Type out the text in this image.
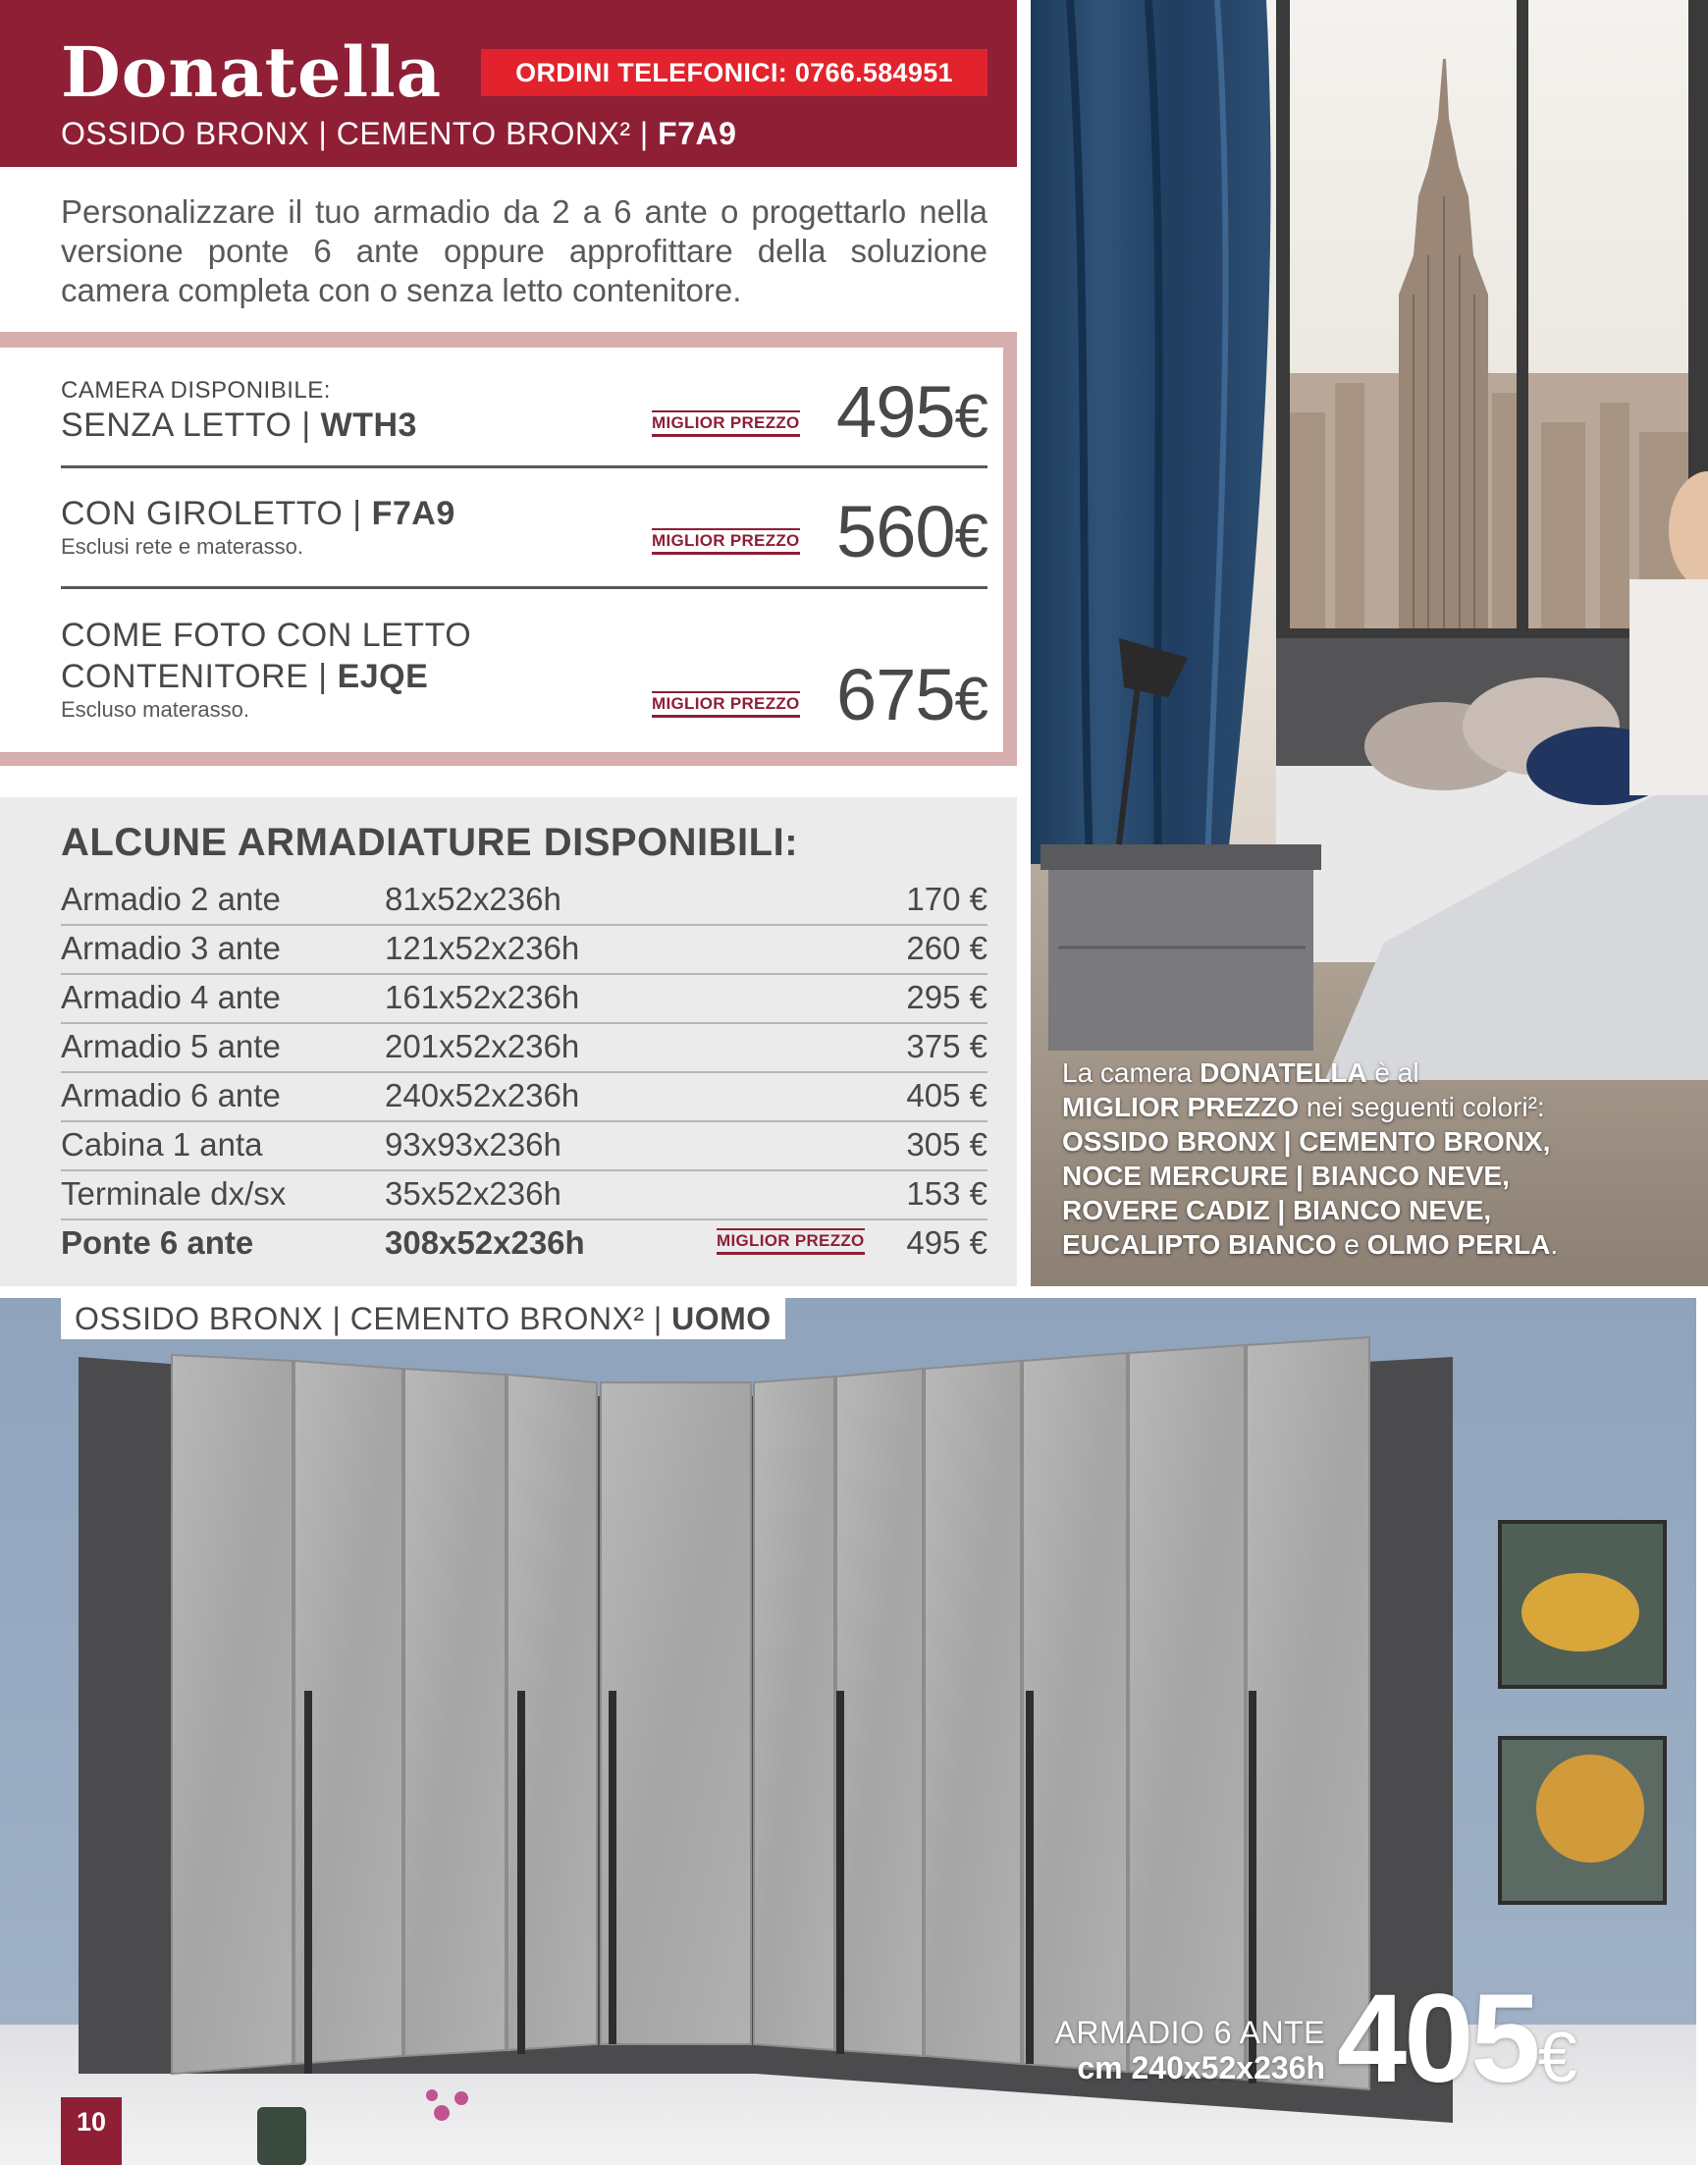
Donatella	ORDINI TELEFONICI: 0766.584951
OSSIDO BRONX | CEMENTO BRONX² | F7A9
Personalizzare il tuo armadio da 2 a 6 ante o progettarlo nella versione ponte 6 ante oppure approfittare della soluzione camera completa con o senza letto contenitore.
CAMERA DISPONIBILE:
SENZA LETTO | WTH3	MIGLIOR PREZZO 495€
CON GIROLETTO | F7A9
Esclusi rete e materasso.	MIGLIOR PREZZO 560€
COME FOTO CON LETTO
CONTENITORE | EJQE
Escluso materasso.	MIGLIOR PREZZO 675€
ALCUNE ARMADIATURE DISPONIBILI:
Armadio 2 ante	81x52x236h	170 €
Armadio 3 ante	121x52x236h	260 €
Armadio 4 ante	161x52x236h	295 €
Armadio 5 ante	201x52x236h	375 €
Armadio 6 ante	240x52x236h	405 €
Cabina 1 anta	93x93x236h	305 €
Terminale dx/sx	35x52x236h	153 €
Ponte 6 ante	308x52x236h	MIGLIOR PREZZO 495 €
La camera DONATELLA è al
MIGLIOR PREZZO nei seguenti colori²:
OSSIDO BRONX | CEMENTO BRONX,
NOCE MERCURE | BIANCO NEVE,
ROVERE CADIZ | BIANCO NEVE,
EUCALIPTO BIANCO e OLMO PERLA.
OSSIDO BRONX | CEMENTO BRONX² | UOMO
ARMADIO 6 ANTE
cm 240x52x236h 405€
10
